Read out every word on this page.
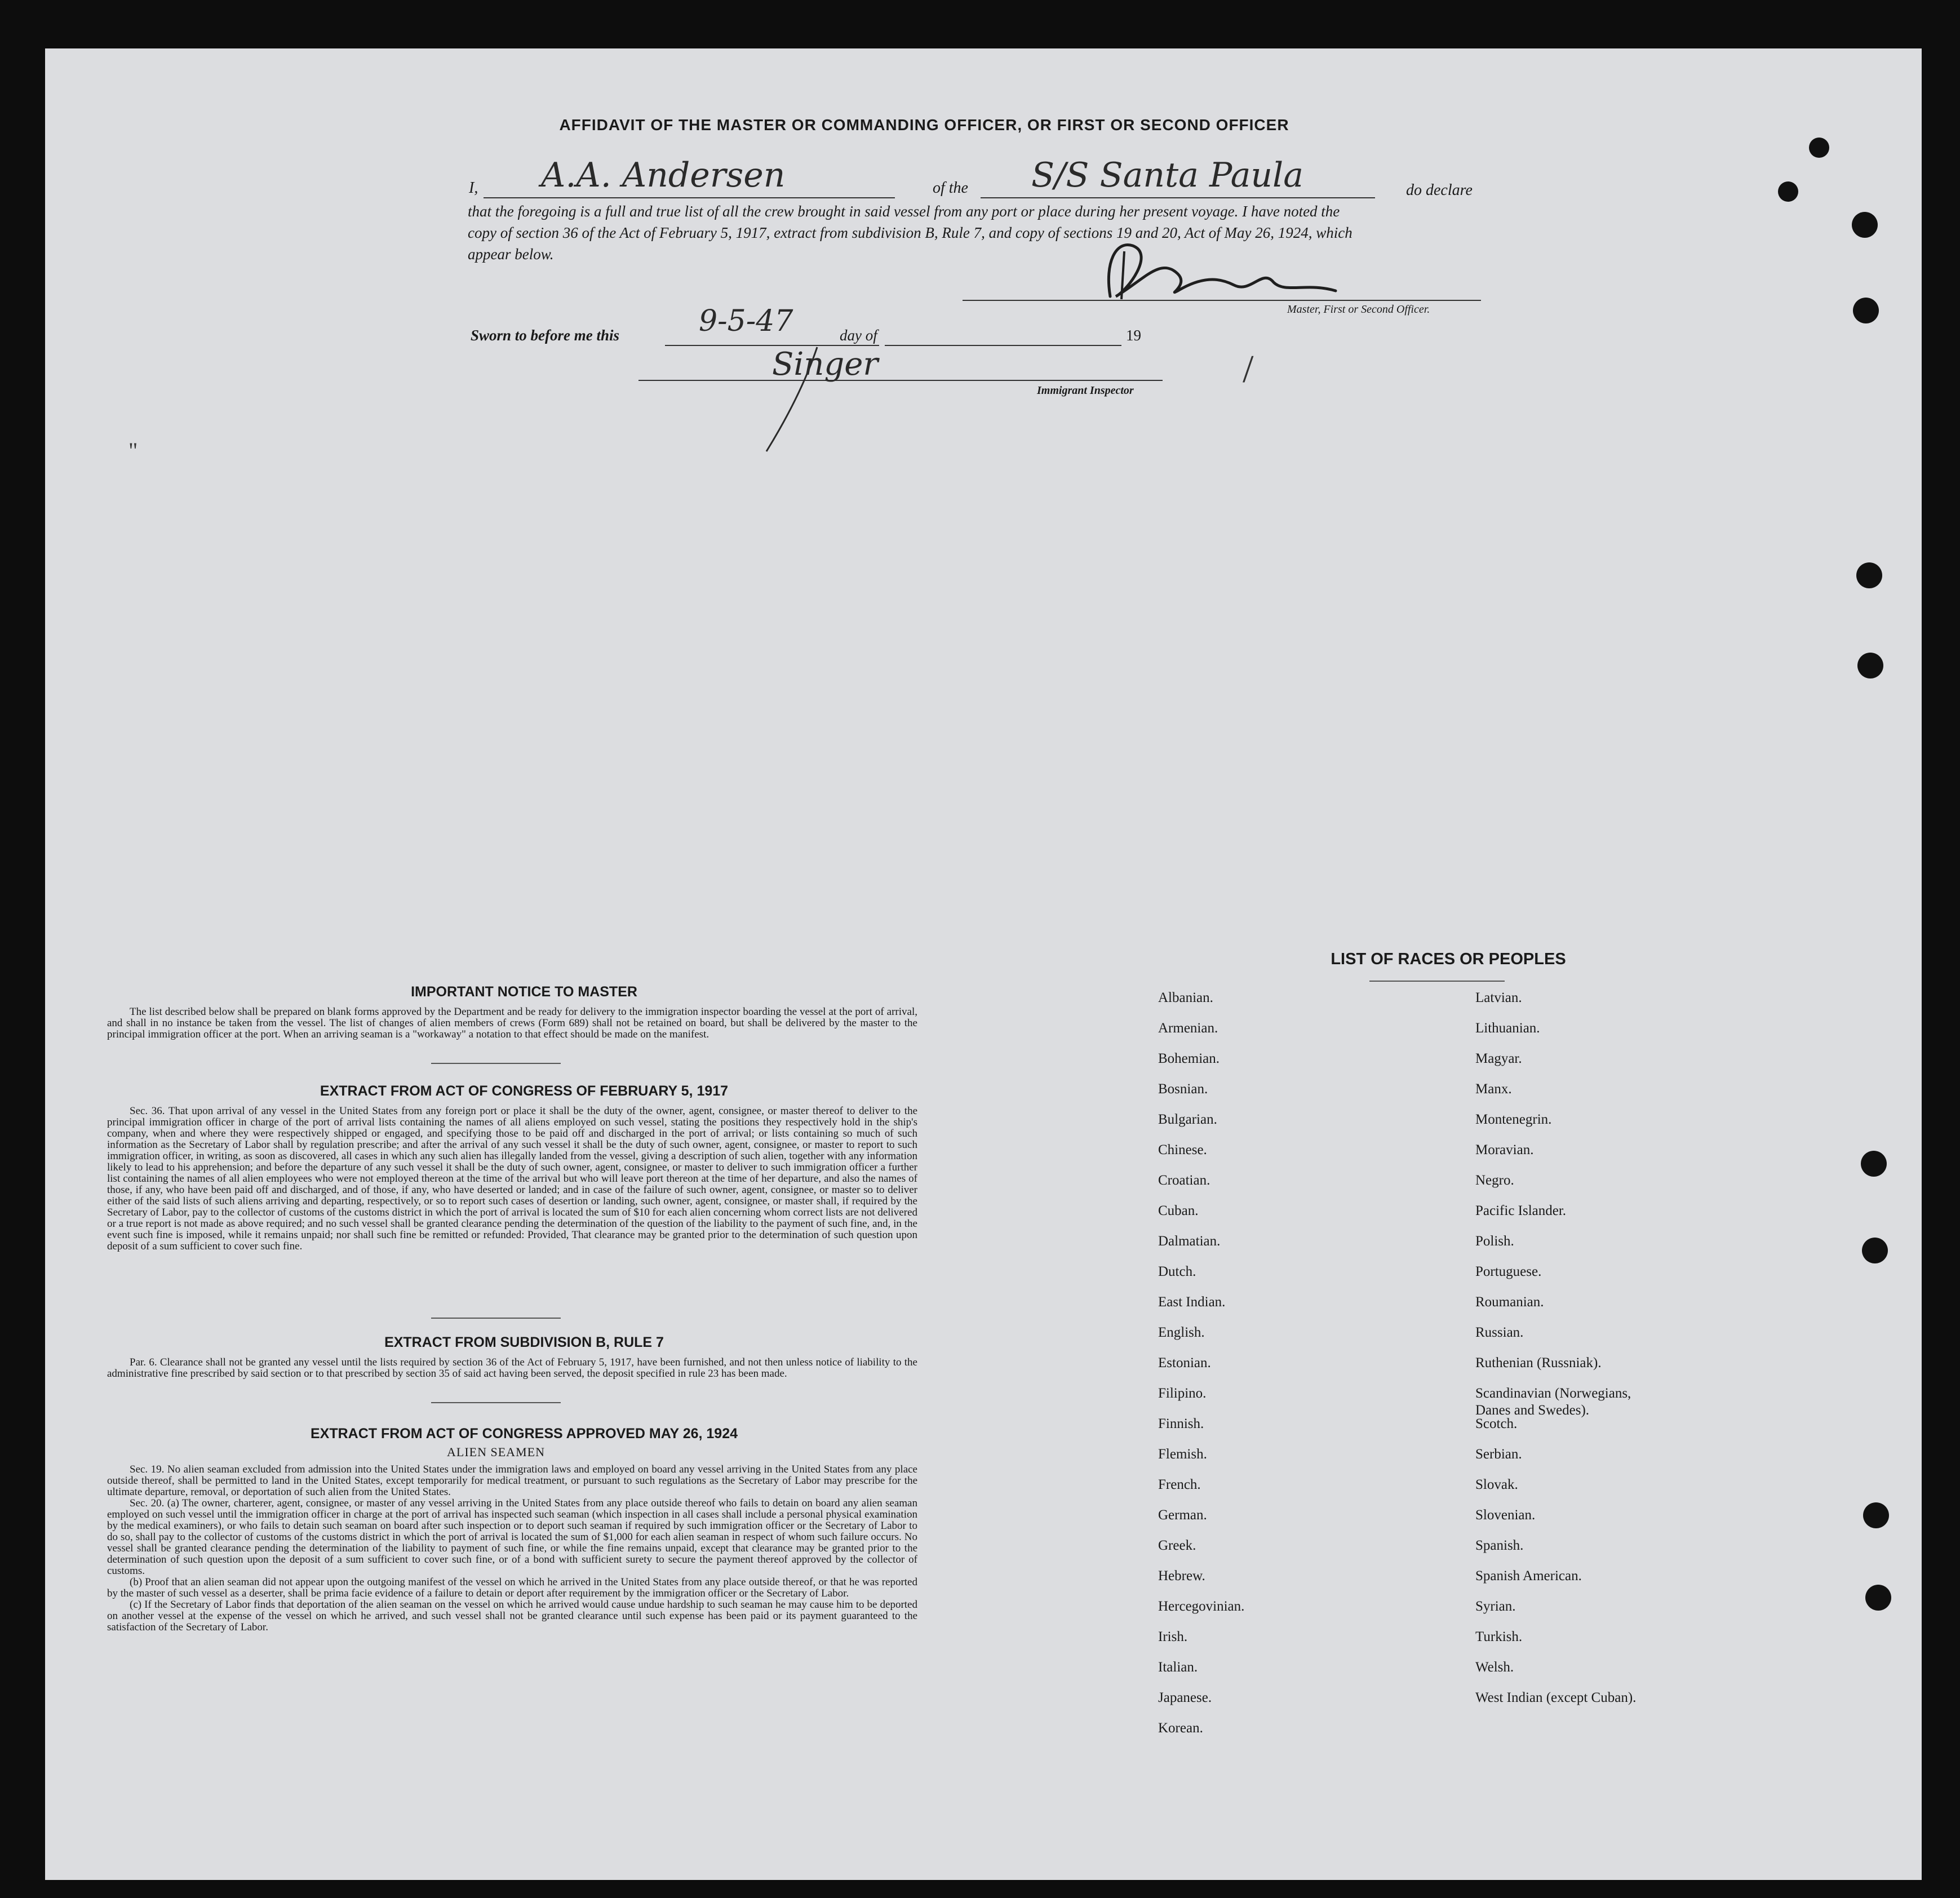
AFFIDAVIT OF THE MASTER OR COMMANDING OFFICER, OR FIRST OR SECOND OFFICER
I, A.A. Andersen	of the S/S Santa Paula	do declare
that the foregoing is a full and true list of all the crew brought in said vessel from any port or place during her present voyage. I have noted the
copy of section 36 of the Act of February 5, 1917, extract from subdivision B, Rule 7, and copy of sections 19 and 20, Act of May 26, 1924, which
appear below.
Master, First or Second Officer.
Sworn to before me this	9-5-47	day of	19
Singer
Immigrant Inspector	/
"
IMPORTANT NOTICE TO MASTER
The list described below shall be prepared on blank forms approved by the Department and be ready for delivery to the immigration inspector boarding the vessel at the port of arrival, and shall in no instance be taken from the vessel. The list of changes of alien members of crews (Form 689) shall not be retained on board, but shall be delivered by the master to the principal immigration officer at the port. When an arriving seaman is a "workaway" a notation to that effect should be made on the manifest.
EXTRACT FROM ACT OF CONGRESS OF FEBRUARY 5, 1917
Sec. 36. That upon arrival of any vessel in the United States from any foreign port or place it shall be the duty of the owner, agent, consignee, or master thereof to deliver to the principal immigration officer in charge of the port of arrival lists containing the names of all aliens employed on such vessel, stating the positions they respectively hold in the ship's company, when and where they were respectively shipped or engaged, and specifying those to be paid off and discharged in the port of arrival; or lists containing so much of such information as the Secretary of Labor shall by regulation prescribe; and after the arrival of any such vessel it shall be the duty of such owner, agent, consignee, or master to report to such immigration officer, in writing, as soon as discovered, all cases in which any such alien has illegally landed from the vessel, giving a description of such alien, together with any information likely to lead to his apprehension; and before the departure of any such vessel it shall be the duty of such owner, agent, consignee, or master to deliver to such immigration officer a further list containing the names of all alien employees who were not employed thereon at the time of the arrival but who will leave port thereon at the time of her departure, and also the names of those, if any, who have been paid off and discharged, and of those, if any, who have deserted or landed; and in case of the failure of such owner, agent, consignee, or master so to deliver either of the said lists of such aliens arriving and departing, respectively, or so to report such cases of desertion or landing, such owner, agent, consignee, or master shall, if required by the Secretary of Labor, pay to the collector of customs of the customs district in which the port of arrival is located the sum of $10 for each alien concerning whom correct lists are not delivered or a true report is not made as above required; and no such vessel shall be granted clearance pending the determination of the question of the liability to the payment of such fine, and, in the event such fine is imposed, while it remains unpaid; nor shall such fine be remitted or refunded: Provided, That clearance may be granted prior to the determination of such question upon deposit of a sum sufficient to cover such fine.
EXTRACT FROM SUBDIVISION B, RULE 7
Par. 6. Clearance shall not be granted any vessel until the lists required by section 36 of the Act of February 5, 1917, have been furnished, and not then unless notice of liability to the administrative fine prescribed by said section or to that prescribed by section 35 of said act having been served, the deposit specified in rule 23 has been made.
EXTRACT FROM ACT OF CONGRESS APPROVED MAY 26, 1924
ALIEN SEAMEN
Sec. 19. No alien seaman excluded from admission into the United States under the immigration laws and employed on board any vessel arriving in the United States from any place outside thereof, shall be permitted to land in the United States, except temporarily for medical treatment, or pursuant to such regulations as the Secretary of Labor may prescribe for the ultimate departure, removal, or deportation of such alien from the United States.
Sec. 20. (a) The owner, charterer, agent, consignee, or master of any vessel arriving in the United States from any place outside thereof who fails to detain on board any alien seaman employed on such vessel until the immigration officer in charge at the port of arrival has inspected such seaman (which inspection in all cases shall include a personal physical examination by the medical examiners), or who fails to detain such seaman on board after such inspection or to deport such seaman if required by such immigration officer or the Secretary of Labor to do so, shall pay to the collector of customs of the customs district in which the port of arrival is located the sum of $1,000 for each alien seaman in respect of whom such failure occurs. No vessel shall be granted clearance pending the determination of the liability to payment of such fine, or while the fine remains unpaid, except that clearance may be granted prior to the determination of such question upon the deposit of a sum sufficient to cover such fine, or of a bond with sufficient surety to secure the payment thereof approved by the collector of customs.
(b) Proof that an alien seaman did not appear upon the outgoing manifest of the vessel on which he arrived in the United States from any place outside thereof, or that he was reported by the master of such vessel as a deserter, shall be prima facie evidence of a failure to detain or deport after requirement by the immigration officer or the Secretary of Labor.
(c) If the Secretary of Labor finds that deportation of the alien seaman on the vessel on which he arrived would cause undue hardship to such seaman he may cause him to be deported on another vessel at the expense of the vessel on which he arrived, and such vessel shall not be granted clearance until such expense has been paid or its payment guaranteed to the satisfaction of the Secretary of Labor.
LIST OF RACES OR PEOPLES
Albanian.
Armenian.
Bohemian.
Bosnian.
Bulgarian.
Chinese.
Croatian.
Cuban.
Dalmatian.
Dutch.
East Indian.
English.
Estonian.
Filipino.
Finnish.
Flemish.
French.
German.
Greek.
Hebrew.
Hercegovinian.
Irish.
Italian.
Japanese.
Korean.
Latvian.
Lithuanian.
Magyar.
Manx.
Montenegrin.
Moravian.
Negro.
Pacific Islander.
Polish.
Portuguese.
Roumanian.
Russian.
Ruthenian (Russniak).
Scandinavian (Norwegians,
Danes and Swedes).
Scotch.
Serbian.
Slovak.
Slovenian.
Spanish.
Spanish American.
Syrian.
Turkish.
Welsh.
West Indian (except Cuban).
